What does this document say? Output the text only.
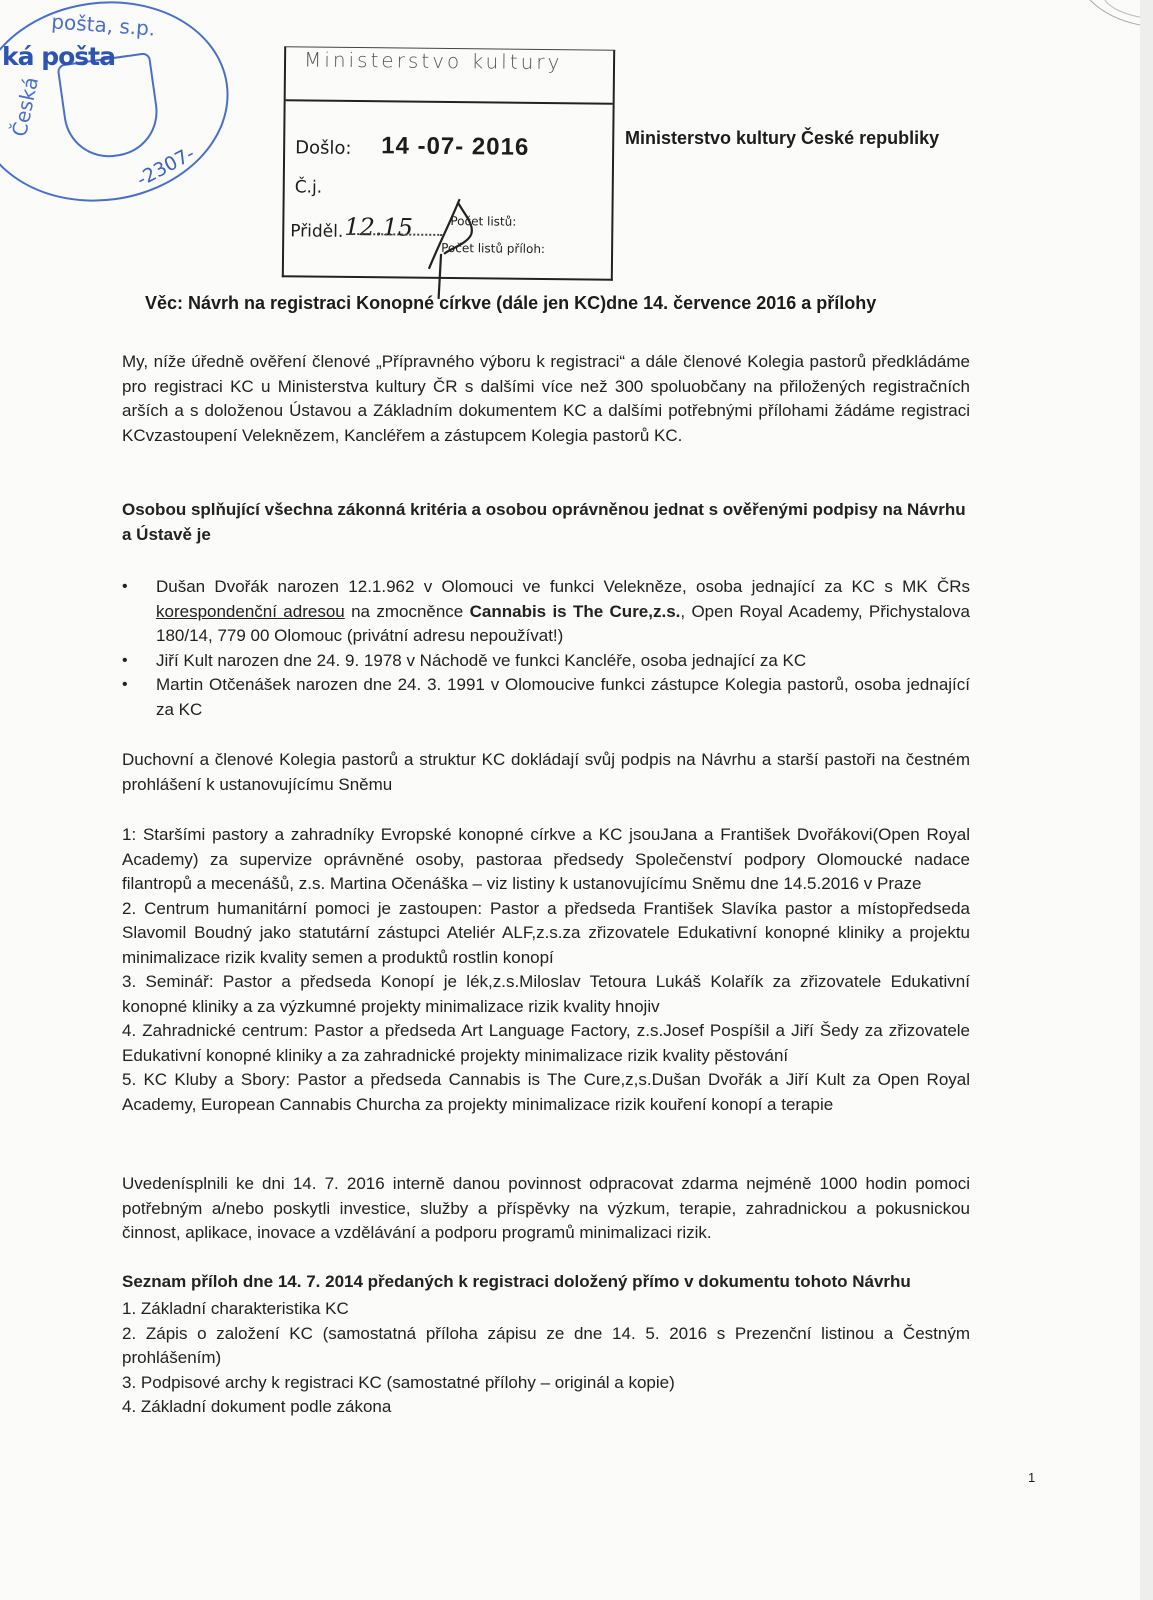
pošta, s.p.
Česká
-2307-
ká pošta	Ministerstvo kultury
Došlo: 14 -07- 2016
Č.j.
Přiděl. 12.15	Počet listů:
Počet listů příloh:
Ministerstvo kultury České republiky
Věc: Návrh na registraci Konopné církve (dále jen KC)dne 14. července 2016 a přílohy
My, níže úředně ověření členové „Přípravného výboru k registraci“ a dále členové Kolegia pastorů předkládáme pro registraci KC u Ministerstva kultury ČR s dalšími více než 300 spoluobčany na přiložených registračních arších a s doloženou Ústavou a Základním dokumentem KC a dalšími potřebnými přílohami žádáme registraci KCvzastoupení Veleknězem, Kancléřem a zástupcem Kolegia pastorů KC.
Osobou splňující všechna zákonná kritéria a osobou oprávněnou jednat s ověřenými podpisy na Návrhu a Ústavě je
• Dušan Dvořák narozen 12.1.962 v Olomouci ve funkci Velekněze, osoba jednající za KC s MK ČRs korespondenční adresou na zmocněnce Cannabis is The Cure,z.s., Open Royal Academy, Přichystalova 180/14, 779 00 Olomouc (privátní adresu nepoužívat!)
• Jiří Kult narozen dne 24. 9. 1978 v Náchodě ve funkci Kancléře, osoba jednající za KC
• Martin Otčenášek narozen dne 24. 3. 1991 v Olomoucive funkci zástupce Kolegia pastorů, osoba jednající za KC
Duchovní a členové Kolegia pastorů a struktur KC dokládají svůj podpis na Návrhu a starší pastoři na čestném prohlášení k ustanovujícímu Sněmu

1: Staršími pastory a zahradníky Evropské konopné církve a KC jsouJana a František Dvořákovi(Open Royal Academy) za supervize oprávněné osoby, pastoraa předsedy Společenství podpory Olomoucké nadace filantropů a mecenášů, z.s. Martina Očenáška – viz listiny k ustanovujícímu Sněmu dne 14.5.2016 v Praze

2. Centrum humanitární pomoci je zastoupen: Pastor a předseda František Slavíka pastor a místopředseda Slavomil Boudný jako statutární zástupci Ateliér ALF,z.s.za zřizovatele Edukativní konopné kliniky a projektu minimalizace rizik kvality semen a produktů rostlin konopí

3. Seminář: Pastor a předseda Konopí je lék,z.s.Miloslav Tetoura Lukáš Kolařík za zřizovatele Edukativní konopné kliniky a za výzkumné projekty minimalizace rizik kvality hnojiv

4. Zahradnické centrum: Pastor a předseda Art Language Factory, z.s.Josef Pospíšil a Jiří Šedy za zřizovatele Edukativní konopné kliniky a za zahradnické projekty minimalizace rizik kvality pěstování

5. KC Kluby a Sbory: Pastor a předseda Cannabis is The Cure,z,s.Dušan Dvořák a Jiří Kult za Open Royal Academy, European Cannabis Churcha za projekty minimalizace rizik kouření konopí a terapie

Uvedenísplnili ke dni 14. 7. 2016 interně danou povinnost odpracovat zdarma nejméně 1000 hodin pomoci potřebným a/nebo poskytli investice, služby a příspěvky na výzkum, terapie, zahradnickou a pokusnickou činnost, aplikace, inovace a vzdělávání a podporu programů minimalizaci rizik.
Seznam příloh dne 14. 7. 2014 předaných k registraci doložený přímo v dokumentu tohoto Návrhu
1. Základní charakteristika KC
2. Zápis o založení KC (samostatná příloha zápisu ze dne 14. 5. 2016 s Prezenční listinou a Čestným prohlášením)
3. Podpisové archy k registraci KC (samostatné přílohy – originál a kopie)
4. Základní dokument podle zákona
1
